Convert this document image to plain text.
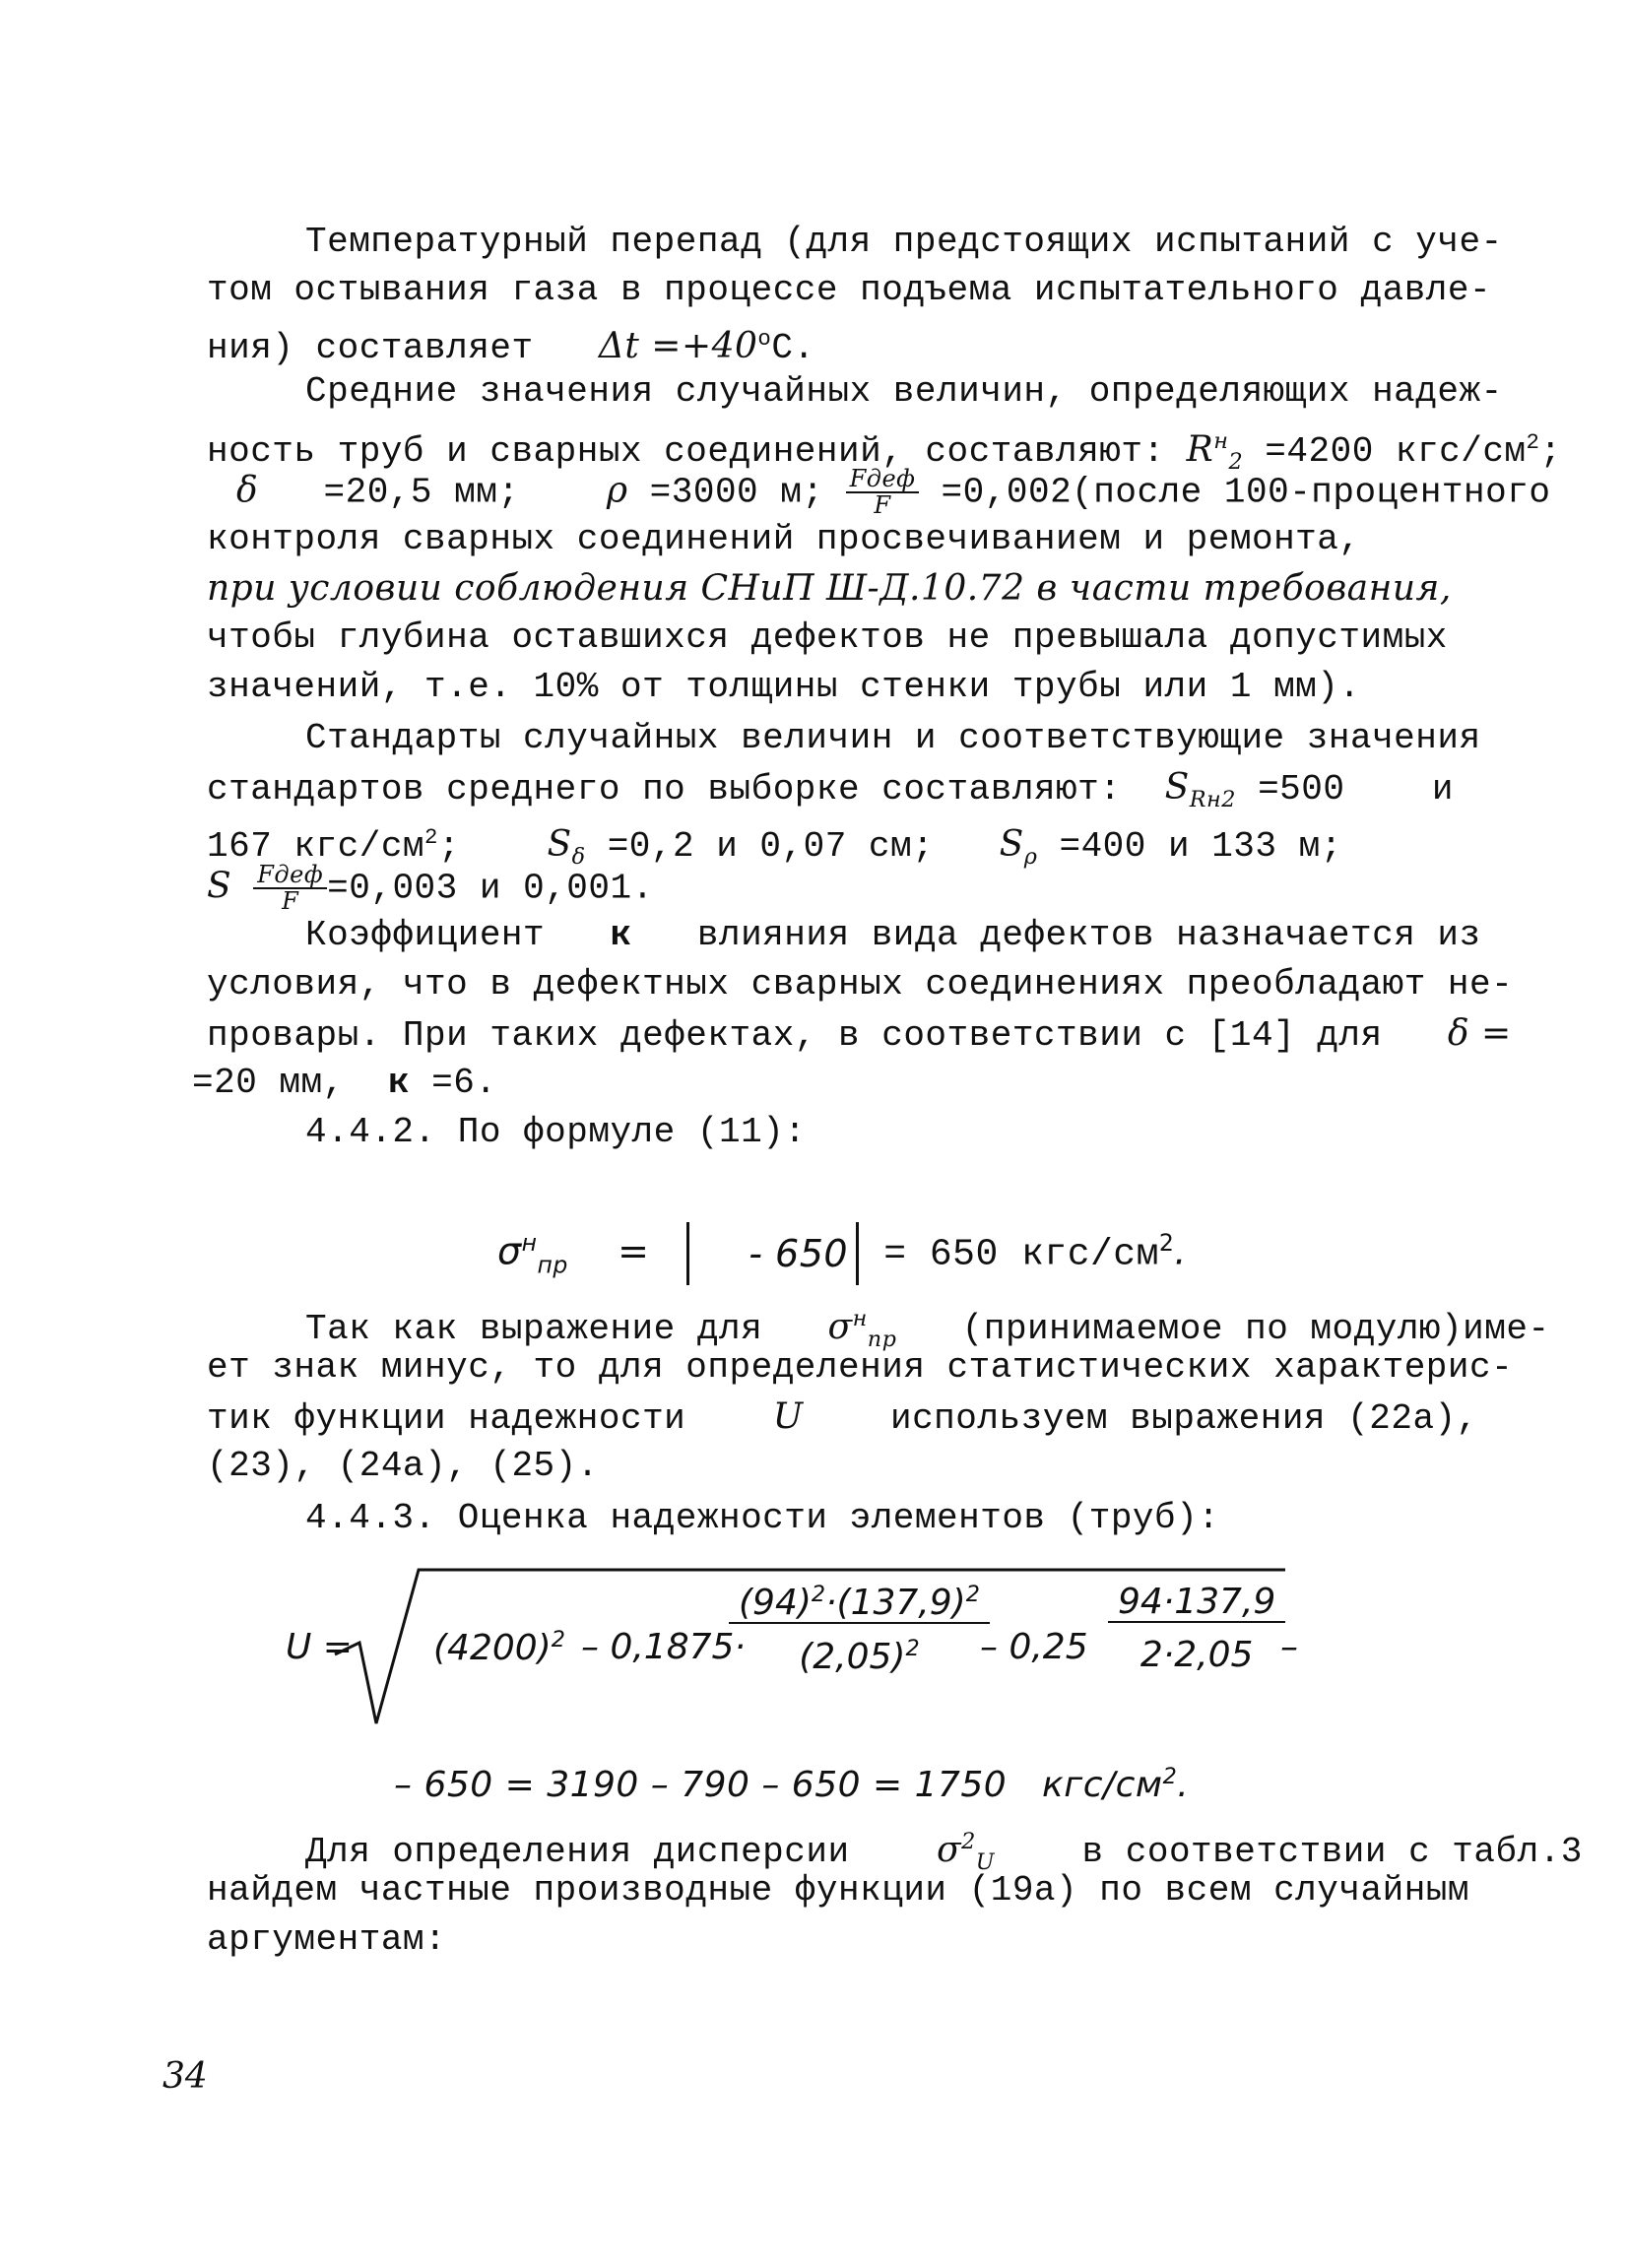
Температурный перепад (для предстоящих испытаний с уче-
том остывания газа в процессе подъема испытательного давле-
ния) составляет $\Delta t =+40^oC$.
Средние значения случайных величин, определяющих надеж-
ность труб и сварных соединений, составляют: $R^н_2 =4200$ кгс/$см^2$;
δ =20,5 мм; ρ =3000 м; $\frac{\text{Fдеф}}{F}$ =0,002(после 100-процентного
контроля сварных соединений просвечиванием и ремонта,
при условии соблюдения СНиП Ш-Д.10.72 в части требования,
чтобы глубина оставшихся дефектов не превышала допустимых
значений, т.е. 10% от толщины стенки трубы или 1 мм).
Стандарты случайных величин и соответствующие значения
стандартов среднего по выборке составляют: $S_{Rн2} =500$ и
167 кгс/$см^2$; $S_\delta =0,2$ и 0,07 см; $S_\rho =400$ и 133 м;
S $\frac{\text{Fдеф}}{F} =0,003$ и 0,001.
Коэффициент к влияния вида дефектов назначается из
условия, что в дефектных сварных соединениях преобладают не-
провары. При таких дефектах, в соответствии с [14] для δ =
=20 мм, к =6.
4.4.2. По формуле (11):
$\sigma^н_{пр}$ =	- 650 = 650 кгс/$см^2$.
Так как выражение для $\sigma^н_{пр}$ (принимаемое по модулю)име-
ет знак минус, то для определения статистических характерис-
тик функции надежности U используем выражения (22а),
(23), (24а), (25).
4.4.3. Оценка надежности элементов (труб):
$U = (4200)^2 - 0,1875\cdot$
$\frac{(94)^2\cdot(137,9)^2}{(2,05)^2}$
– $0,25 \frac{94\cdot 137,9}{2\cdot 2,05}$
–
– 650 = 3190 – 790 – 650 = 1750 кгс/$см^2$.
Для определения дисперсии $\sigma^2_U$ в соответствии с табл.3
найдем частные производные функции (19а) по всем случайным
аргументам:
34
